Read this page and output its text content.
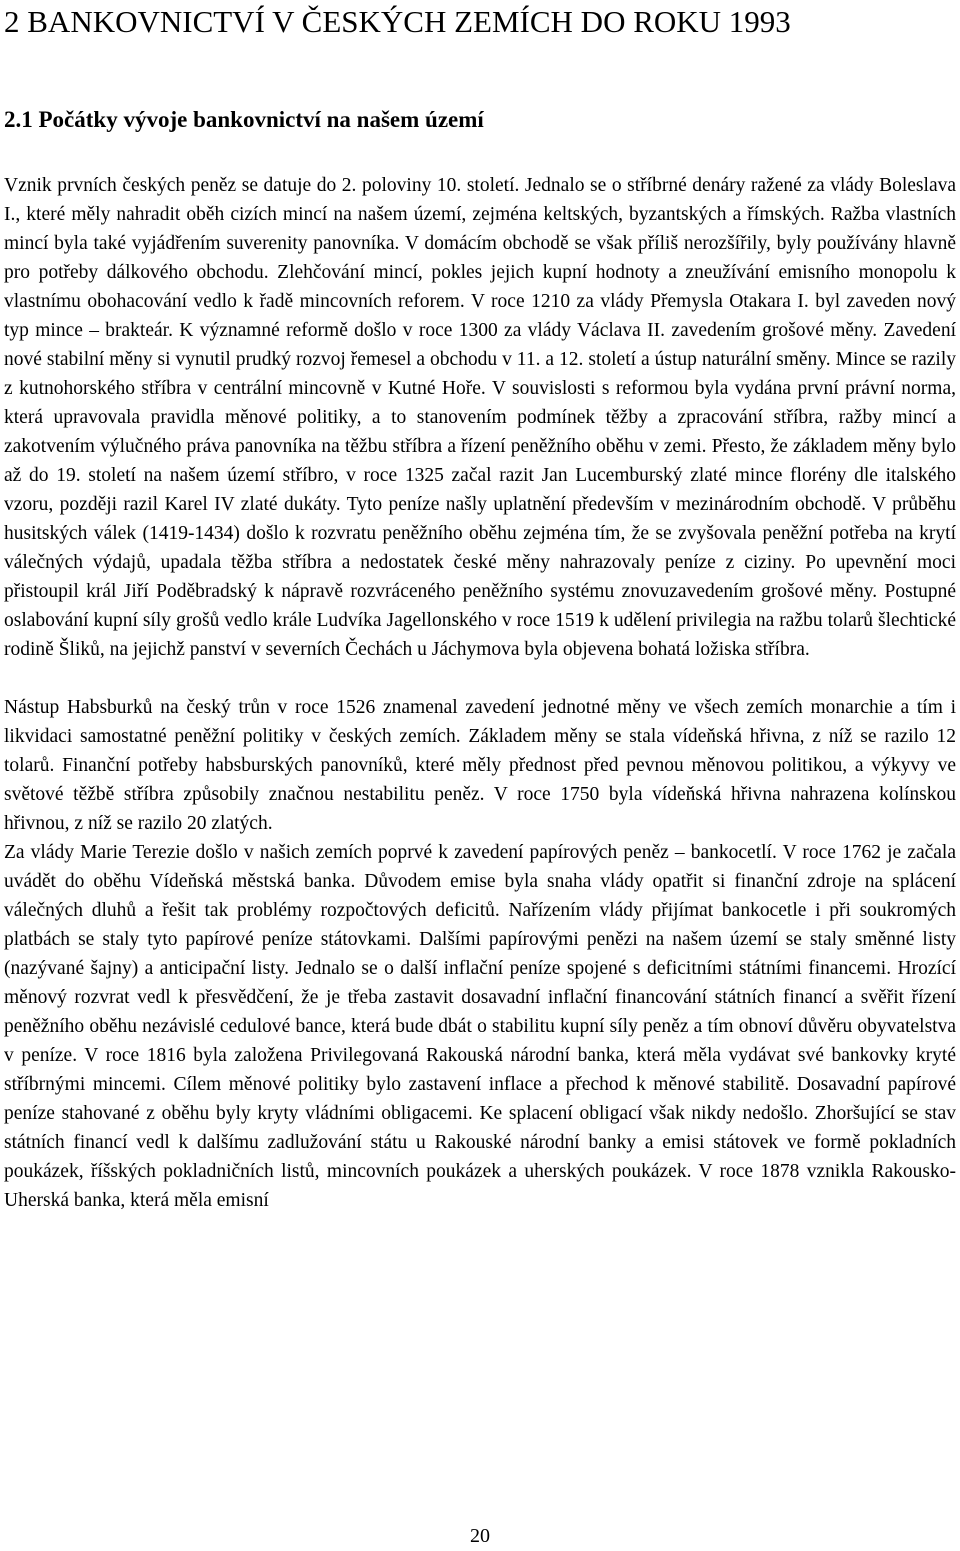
2 BANKOVNICTVÍ V ČESKÝCH ZEMÍCH DO ROKU 1993
2.1 Počátky vývoje bankovnictví na našem území

Vznik prvních českých peněz se datuje do 2. poloviny 10. století. Jednalo se o stříbrné denáry ražené za vlády Boleslava I., které měly nahradit oběh cizích mincí na našem území, zejména keltských, byzantských a římských. Ražba vlastních mincí byla také vyjádřením suverenity panovníka. V domácím obchodě se však příliš nerozšířily, byly používány hlavně pro potřeby dálkového obchodu. Zlehčování mincí, pokles jejich kupní hodnoty a zneužívání emisního monopolu k vlastnímu obohacování vedlo k řadě mincovních reforem. V roce 1210 za vlády Přemysla Otakara I. byl zaveden nový typ mince – brakteár. K významné reformě došlo v roce 1300 za vlády Václava II. zavedením grošové měny. Zavedení nové stabilní měny si vynutil prudký rozvoj řemesel a obchodu v 11. a 12. století a ústup naturální směny. Mince se razily z kutnohorského stříbra v centrální mincovně v Kutné Hoře. V souvislosti s reformou byla vydána první právní norma, která upravovala pravidla měnové politiky, a to stanovením podmínek těžby a zpracování stříbra, ražby mincí a zakotvením výlučného práva panovníka na těžbu stříbra a řízení peněžního oběhu v zemi. Přesto, že základem měny bylo až do 19. století na našem území stříbro, v roce 1325 začal razit Jan Lucemburský zlaté mince florény dle italského vzoru, později razil Karel IV zlaté dukáty. Tyto peníze našly uplatnění především v mezinárodním obchodě. V průběhu husitských válek (1419-1434) došlo k rozvratu peněžního oběhu zejména tím, že se zvyšovala peněžní potřeba na krytí válečných výdajů, upadala těžba stříbra a nedostatek české měny nahrazovaly peníze z ciziny. Po upevnění moci přistoupil král Jiří Poděbradský k nápravě rozvráceného peněžního systému znovuzavedením grošové měny. Postupné oslabování kupní síly grošů vedlo krále Ludvíka Jagellonského v roce 1519 k udělení privilegia na ražbu tolarů šlechtické rodině Šliků, na jejichž panství v severních Čechách u Jáchymova byla objevena bohatá ložiska stříbra.

Nástup Habsburků na český trůn v roce 1526 znamenal zavedení jednotné měny ve všech zemích monarchie a tím i likvidaci samostatné peněžní politiky v českých zemích. Základem měny se stala vídeňská hřivna, z níž se razilo 12 tolarů. Finanční potřeby habsburských panovníků, které měly přednost před pevnou měnovou politikou, a výkyvy ve světové těžbě stříbra způsobily značnou nestabilitu peněz. V roce 1750 byla vídeňská hřivna nahrazena kolínskou hřivnou, z níž se razilo 20 zlatých.

Za vlády Marie Terezie došlo v našich zemích poprvé k zavedení papírových peněz – bankocetlí. V roce 1762 je začala uvádět do oběhu Vídeňská městská banka. Důvodem emise byla snaha vlády opatřit si finanční zdroje na splácení válečných dluhů a řešit tak problémy rozpočtových deficitů. Nařízením vlády přijímat bankocetle i při soukromých platbách se staly tyto papírové peníze státovkami. Dalšími papírovými penězi na našem území se staly směnné listy (nazývané šajny) a anticipační listy. Jednalo se o další inflační peníze spojené s deficitními státními financemi. Hrozící měnový rozvrat vedl k přesvědčení, že je třeba zastavit dosavadní inflační financování státních financí a svěřit řízení peněžního oběhu nezávislé cedulové bance, která bude dbát o stabilitu kupní síly peněz a tím obnoví důvěru obyvatelstva v peníze. V roce 1816 byla založena Privilegovaná Rakouská národní banka, která měla vydávat své bankovky kryté stříbrnými mincemi. Cílem měnové politiky bylo zastavení inflace a přechod k měnové stabilitě. Dosavadní papírové peníze stahované z oběhu byly kryty vládními obligacemi. Ke splacení obligací však nikdy nedošlo. Zhoršující se stav státních financí vedl k dalšímu zadlužování státu u Rakouské národní banky a emisi státovek ve formě pokladních poukázek, říšských pokladničních listů, mincovních poukázek a uherských poukázek. V roce 1878 vznikla Rakousko-Uherská banka, která měla emisní

20
